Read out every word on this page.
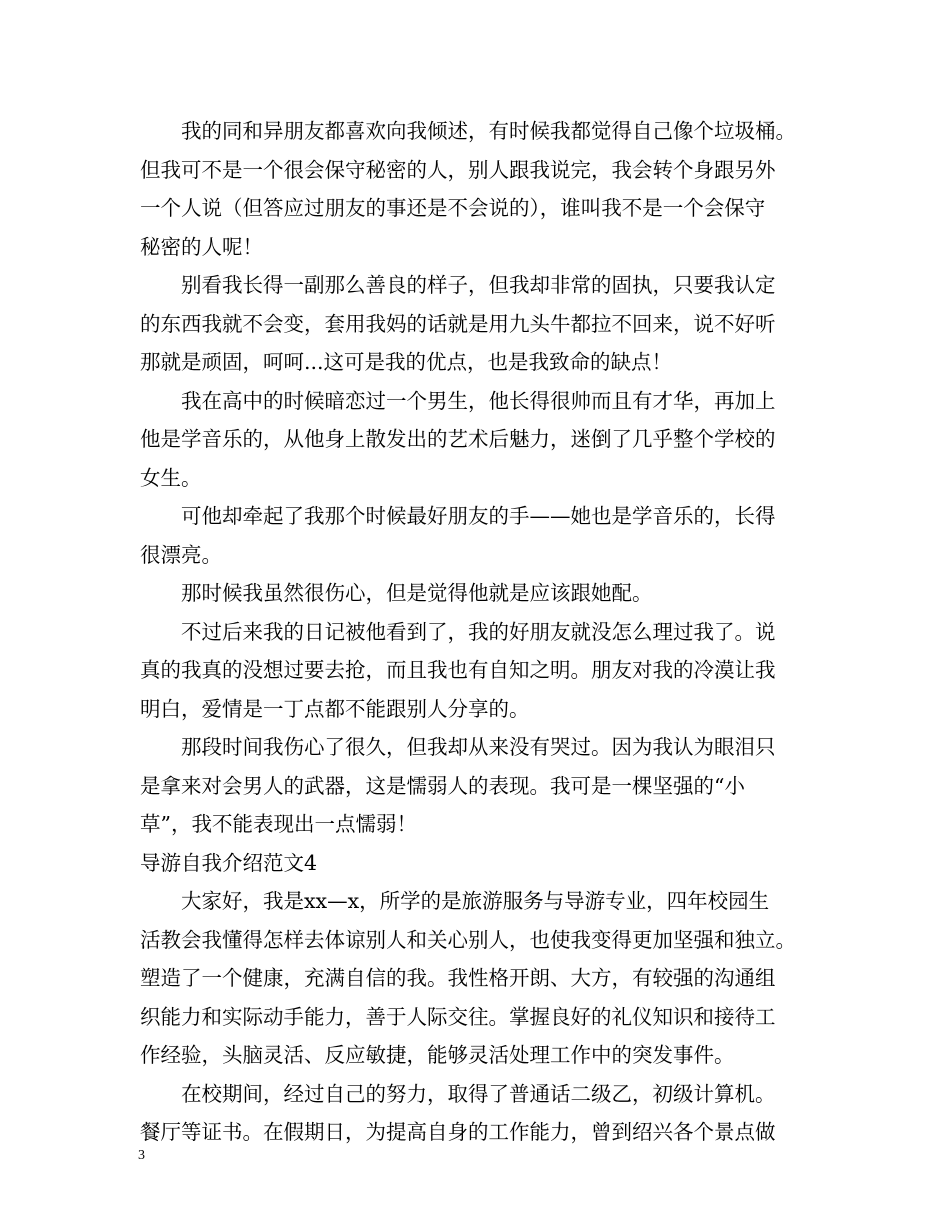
我的同和异朋友都喜欢向我倾述，有时候我都觉得自己像个垃圾桶。
但我可不是一个很会保守秘密的人，别人跟我说完，我会转个身跟另外
一个人说（但答应过朋友的事还是不会说的），谁叫我不是一个会保守
秘密的人呢！
别看我长得一副那么善良的样子，但我却非常的固执，只要我认定
的东西我就不会变，套用我妈的话就是用九头牛都拉不回来，说不好听
那就是顽固，呵呵...这可是我的优点，也是我致命的缺点！
我在高中的时候暗恋过一个男生，他长得很帅而且有才华，再加上
他是学音乐的，从他身上散发出的艺术后魅力，迷倒了几乎整个学校的
女生。
可他却牵起了我那个时候最好朋友的手——她也是学音乐的，长得
很漂亮。
那时候我虽然很伤心，但是觉得他就是应该跟她配。
不过后来我的日记被他看到了，我的好朋友就没怎么理过我了。说
真的我真的没想过要去抢，而且我也有自知之明。朋友对我的冷漠让我
明白，爱情是一丁点都不能跟别人分享的。
那段时间我伤心了很久，但我却从来没有哭过。因为我认为眼泪只
是拿来对会男人的武器，这是懦弱人的表现。我可是一棵坚强的“小
草”，我不能表现出一点懦弱！
导游自我介绍范文4
大家好，我是xx—x，所学的是旅游服务与导游专业，四年校园生
活教会我懂得怎样去体谅别人和关心别人，也使我变得更加坚强和独立。
塑造了一个健康，充满自信的我。我性格开朗、大方，有较强的沟通组
织能力和实际动手能力，善于人际交往。掌握良好的礼仪知识和接待工
作经验，头脑灵活、反应敏捷，能够灵活处理工作中的突发事件。
在校期间，经过自己的努力，取得了普通话二级乙，初级计算机。
餐厅等证书。在假期日，为提高自身的工作能力，曾到绍兴各个景点做
3
